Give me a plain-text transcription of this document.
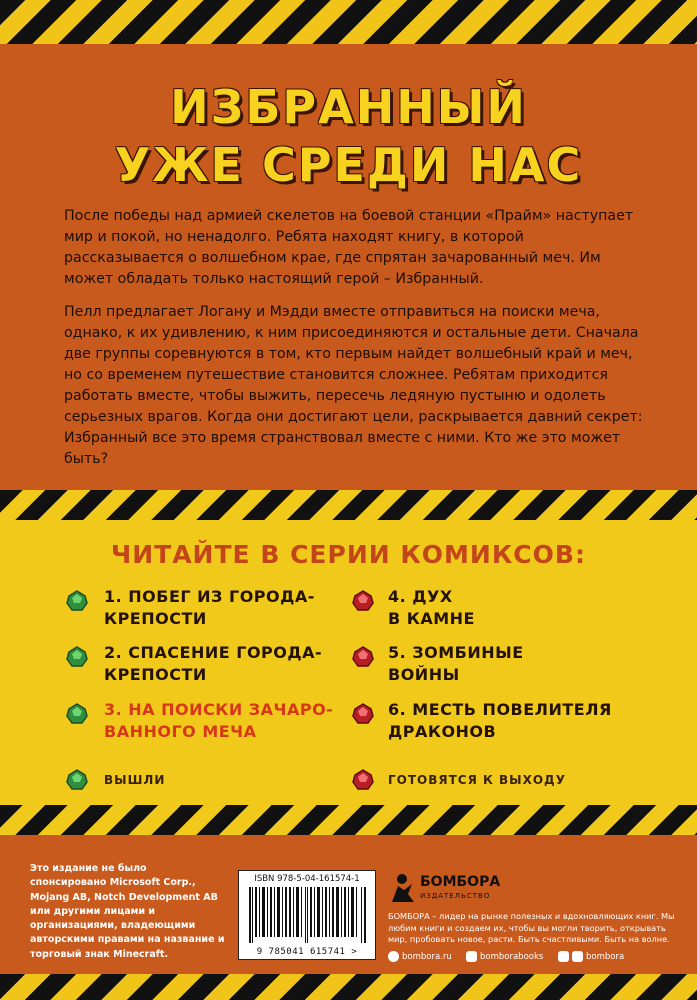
ИЗБРАННЫЙ
УЖЕ СРЕДИ НАС

После победы над армией скелетов на боевой станции «Прайм» наступает мир и покой, но ненадолго. Ребята находят книгу, в которой рассказывается о волшебном крае, где спрятан зачарованный меч. Им может обладать только настоящий герой – Избранный.

Пелл предлагает Логану и Мэдди вместе отправиться на поиски меча, однако, к их удивлению, к ним присоединяются и остальные дети. Сначала две группы соревнуются в том, кто первым найдет волшебный край и меч, но со временем путешествие становится сложнее. Ребятам приходится работать вместе, чтобы выжить, пересечь ледяную пустыню и одолеть серьезных врагов. Когда они достигают цели, раскрывается давний секрет: Избранный все это время странствовал вместе с ними. Кто же это может быть?

ЧИТАЙТЕ В СЕРИИ КОМИКСОВ:
1. ПОБЕГ ИЗ ГОРОДА-
КРЕПОСТИ
2. СПАСЕНИЕ ГОРОДА-
КРЕПОСТИ
3. НА ПОИСКИ ЗАЧАРО-
ВАННОГО МЕЧА
4. ДУХ
В КАМНЕ
5. ЗОМБИНЫЕ
ВОЙНЫ
6. МЕСТЬ ПОВЕЛИТЕЛЯ
ДРАКОНОВ
ВЫШЛИ	ГОТОВЯТСЯ К ВЫХОДУ
Это издание не было спонсировано Microsoft Corp., Mojang AB, Notch Development AB или другими лицами и организациями, владеющими авторскими правами на название и торговый знак Minecraft.
ISBN 978-5-04-161574-1
9 785041 615741 >
БОМБОРА
ИЗДАТЕЛЬСТВО
БОМБОРА – лидер на рынке полезных и вдохновляющих книг. Мы любим книги и создаем их, чтобы вы могли творить, открывать мир, пробовать новое, расти. Быть счастливыми. Быть на волне.
bombora.ru	bomborabooks	bombora
